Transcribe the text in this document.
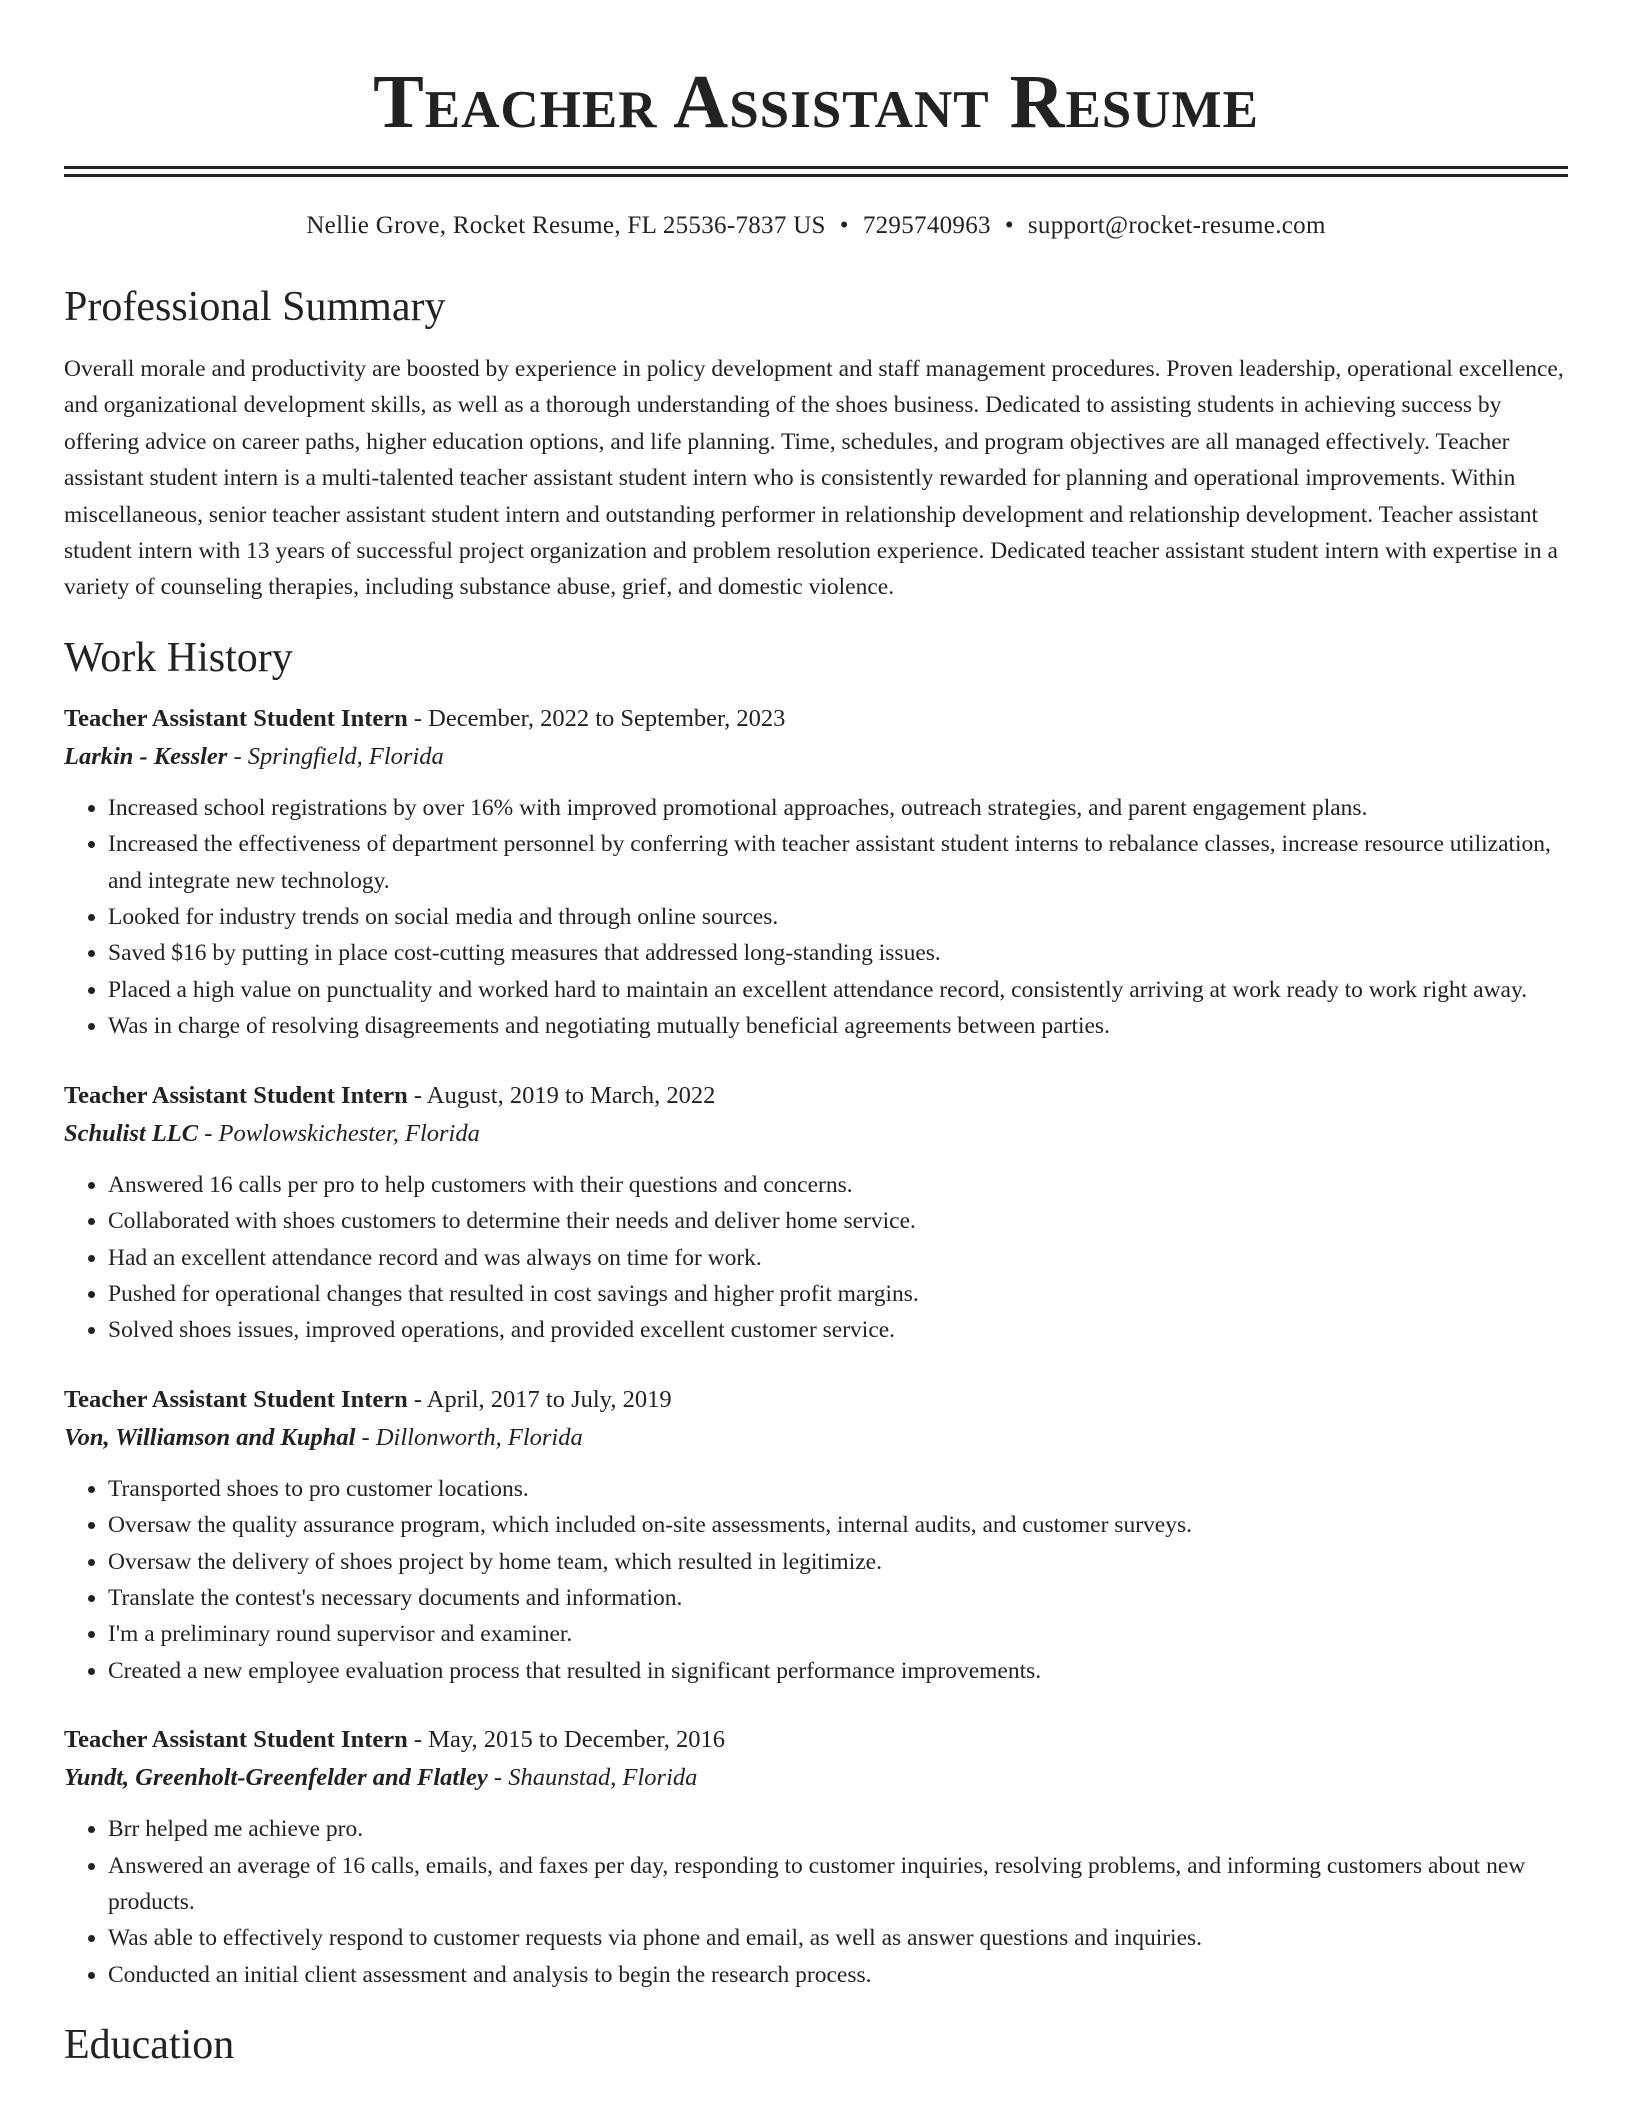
Teacher Assistant Resume
Nellie Grove, Rocket Resume, FL 25536-7837 US • 7295740963 • support@rocket-resume.com
Professional Summary
Overall morale and productivity are boosted by experience in policy development and staff management procedures. Proven leadership, operational excellence, and organizational development skills, as well as a thorough understanding of the shoes business. Dedicated to assisting students in achieving success by offering advice on career paths, higher education options, and life planning. Time, schedules, and program objectives are all managed effectively. Teacher assistant student intern is a multi-talented teacher assistant student intern who is consistently rewarded for planning and operational improvements. Within miscellaneous, senior teacher assistant student intern and outstanding performer in relationship development and relationship development. Teacher assistant student intern with 13 years of successful project organization and problem resolution experience. Dedicated teacher assistant student intern with expertise in a variety of counseling therapies, including substance abuse, grief, and domestic violence.
Work History
Teacher Assistant Student Intern - December, 2022 to September, 2023
Larkin - Kessler - Springfield, Florida
• Increased school registrations by over 16% with improved promotional approaches, outreach strategies, and parent engagement plans.
• Increased the effectiveness of department personnel by conferring with teacher assistant student interns to rebalance classes, increase resource utilization, and integrate new technology.
• Looked for industry trends on social media and through online sources.
• Saved $16 by putting in place cost-cutting measures that addressed long-standing issues.
• Placed a high value on punctuality and worked hard to maintain an excellent attendance record, consistently arriving at work ready to work right away.
• Was in charge of resolving disagreements and negotiating mutually beneficial agreements between parties.
Teacher Assistant Student Intern - August, 2019 to March, 2022
Schulist LLC - Powlowskichester, Florida
• Answered 16 calls per pro to help customers with their questions and concerns.
• Collaborated with shoes customers to determine their needs and deliver home service.
• Had an excellent attendance record and was always on time for work.
• Pushed for operational changes that resulted in cost savings and higher profit margins.
• Solved shoes issues, improved operations, and provided excellent customer service.
Teacher Assistant Student Intern - April, 2017 to July, 2019
Von, Williamson and Kuphal - Dillonworth, Florida
• Transported shoes to pro customer locations.
• Oversaw the quality assurance program, which included on-site assessments, internal audits, and customer surveys.
• Oversaw the delivery of shoes project by home team, which resulted in legitimize.
• Translate the contest's necessary documents and information.
• I'm a preliminary round supervisor and examiner.
• Created a new employee evaluation process that resulted in significant performance improvements.
Teacher Assistant Student Intern - May, 2015 to December, 2016
Yundt, Greenholt-Greenfelder and Flatley - Shaunstad, Florida
• Brr helped me achieve pro.
• Answered an average of 16 calls, emails, and faxes per day, responding to customer inquiries, resolving problems, and informing customers about new products.
• Was able to effectively respond to customer requests via phone and email, as well as answer questions and inquiries.
• Conducted an initial client assessment and analysis to begin the research process.
Education
